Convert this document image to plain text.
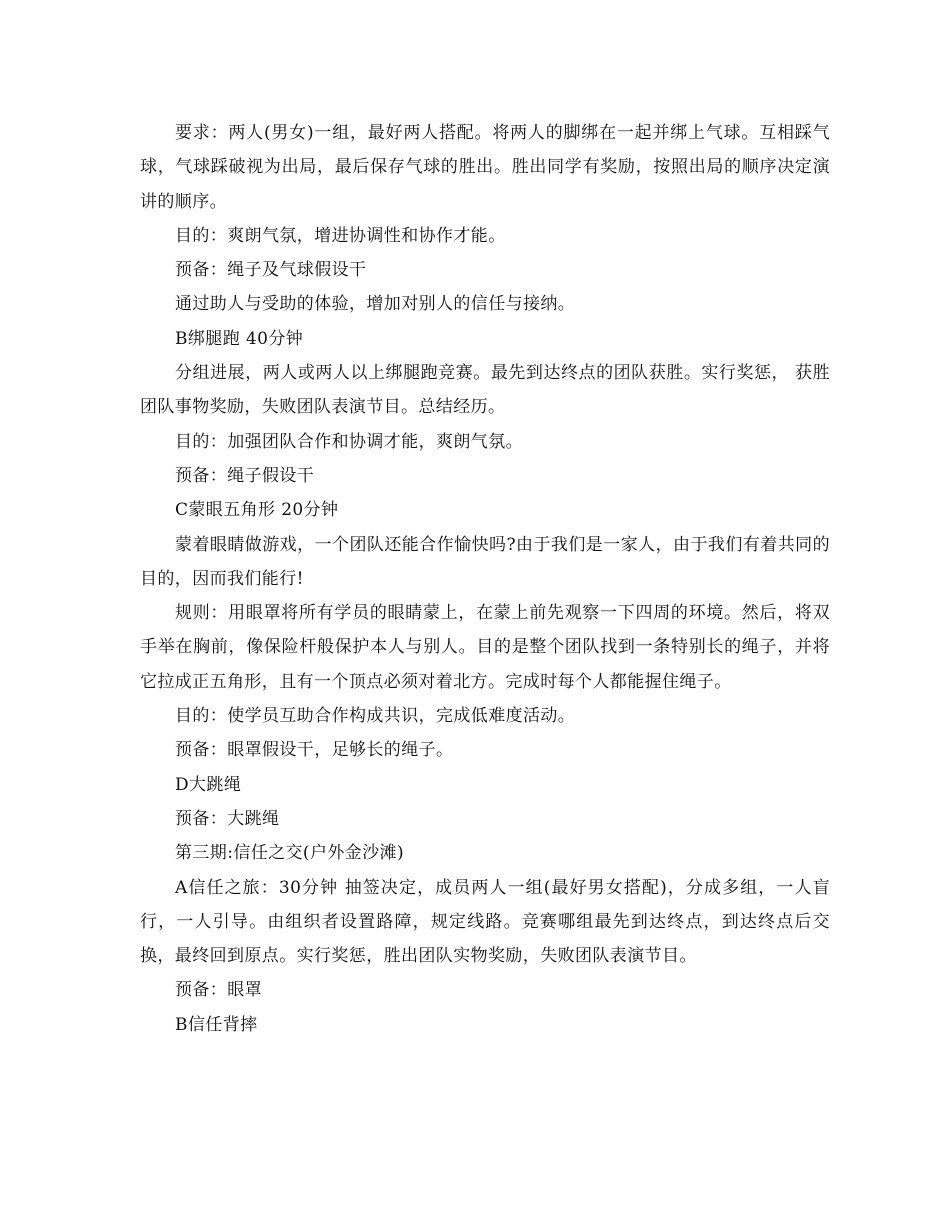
要求：两人(男女)一组，最好两人搭配。将两人的脚绑在一起并绑上气球。互相踩气球，气球踩破视为出局，最后保存气球的胜出。胜出同学有奖励，按照出局的顺序决定演讲的顺序。

目的：爽朗气氛，增进协调性和协作才能。

预备：绳子及气球假设干

通过助人与受助的体验，增加对别人的信任与接纳。

B绑腿跑 40分钟

分组进展，两人或两人以上绑腿跑竞赛。最先到达终点的团队获胜。实行奖惩， 获胜团队事物奖励，失败团队表演节目。总结经历。

目的：加强团队合作和协调才能，爽朗气氛。

预备：绳子假设干

C蒙眼五角形 20分钟

蒙着眼睛做游戏，一个团队还能合作愉快吗?由于我们是一家人，由于我们有着共同的目的，因而我们能行!

规则：用眼罩将所有学员的眼睛蒙上，在蒙上前先观察一下四周的环境。然后，将双手举在胸前，像保险杆般保护本人与别人。目的是整个团队找到一条特别长的绳子，并将它拉成正五角形，且有一个顶点必须对着北方。完成时每个人都能握住绳子。

目的：使学员互助合作构成共识，完成低难度活动。

预备：眼罩假设干，足够长的绳子。

D大跳绳

预备：大跳绳

第三期:信任之交(户外金沙滩)

A信任之旅：30分钟 抽签决定，成员两人一组(最好男女搭配)，分成多组，一人盲行，一人引导。由组织者设置路障，规定线路。竞赛哪组最先到达终点，到达终点后交换，最终回到原点。实行奖惩，胜出团队实物奖励，失败团队表演节目。

预备：眼罩

B信任背摔
